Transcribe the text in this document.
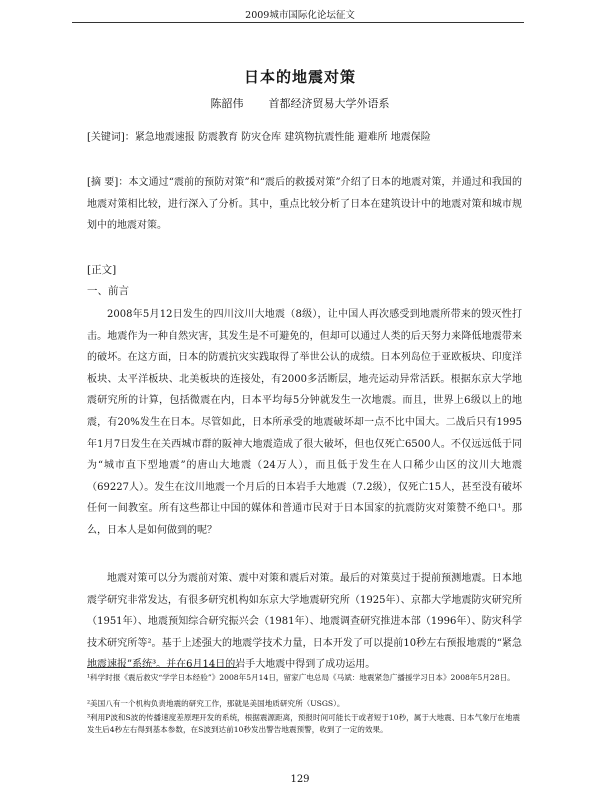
2009城市国际化论坛征文
日本的地震对策
陈韶伟 首都经济贸易大学外语系
[关键词]：紧急地震速报 防震教育 防灾仓库 建筑物抗震性能 避难所 地震保险
[摘 要]：本文通过“震前的预防对策”和“震后的救援对策”介绍了日本的地震对策，并通过和我国的地震对策相比较，进行深入了分析。其中，重点比较分析了日本在建筑设计中的地震对策和城市规划中的地震对策。
[正文]
一、前言
2008年5月12日发生的四川汶川大地震（8级），让中国人再次感受到地震所带来的毁灭性打击。地震作为一种自然灾害，其发生是不可避免的，但却可以通过人类的后天努力来降低地震带来的破坏。在这方面，日本的防震抗灾实践取得了举世公认的成绩。日本列岛位于亚欧板块、印度洋板块、太平洋板块、北美板块的连接处，有2000多活断层，地壳运动异常活跃。根据东京大学地震研究所的计算，包括微震在内，日本平均每5分钟就发生一次地震。而且，世界上6级以上的地震，有20%发生在日本。尽管如此，日本所承受的地震破坏却一点不比中国大。二战后只有1995年1月7日发生在关西城市群的阪神大地震造成了很大破坏，但也仅死亡6500人。不仅远远低于同为“城市直下型地震”的唐山大地震（24万人），而且低于发生在人口稀少山区的汶川大地震（69227人）。发生在汶川地震一个月后的日本岩手大地震（7.2级），仅死亡15人，甚至没有破坏任何一间教室。所有这些都让中国的媒体和普通市民对于日本国家的抗震防灾对策赞不绝口¹。那么，日本人是如何做到的呢？
地震对策可以分为震前对策、震中对策和震后对策。最后的对策莫过于提前预测地震。日本地震学研究非常发达，有很多研究机构如东京大学地震研究所（1925年）、京都大学地震防灾研究所（1951年）、地震预知综合研究振兴会（1981年）、地震调查研究推进本部（1996年）、防灾科学技术研究所等²。基于上述强大的地震学技术力量，日本开发了可以提前10秒左右预报地震的“紧急地震速报”系统³。并在6月14日的岩手大地震中得到了成功运用。
¹科学时报《震后救灾“学学日本经验”》2008年5月14日，留家广电总局《马斌：地震紧急广播援学习日本》2008年5月28日。
²美国八有一个机构负责地震的研究工作，那就是美国地质研究所（USGS）。
³利用P波和S波的传播速度差原理开发的系统，根据震源距离，预报时间可能长于或者短于10秒，属于大地震、日本气象厅在地震发生后4秒左右得到基本参数，在S波到达前10秒发出警告地震预警，收到了一定的效果。
129
